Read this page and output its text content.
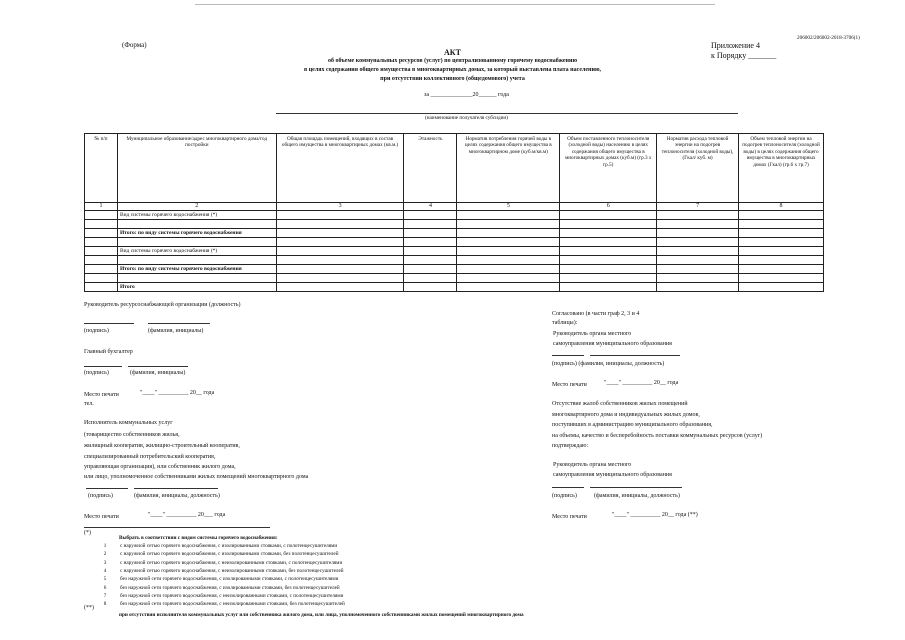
206002/206002-2018-3706(1)
(Форма)	Приложение 4
к Порядку _______
АКТ
об объеме коммунальных ресурсов (услуг) по централизованному горячему водоснабжению
в целях содержания общего имущества в многоквартирных домах, за который выставлена плата населению,
при отсутствии коллективного (общедомового) учета
за ______________20______ года
(наименование получателя субсидии)
№ п/п	Муниципальное образование/адрес многоквартирного дома/год постройки	Общая площадь помещений, входящих в состав общего имущества в многоквартирных домах (кв.м.)	Этажность	Норматив потребления горячей воды в целях содержания общего имущества в многоквартирном доме (куб.м/кв.м)	Объем поставленного теплоносителя (холодной воды) населению в целях содержания общего имущества в многоквартирных домах (куб.м) (гр.3 х гр.5)	Норматив расхода тепловой энергии на подогрев теплоносителя (холодной воды), (Гкал/ куб. м)	Объем тепловой энергии на подогрев теплоносителя (холодной воды) в целях содержания общего имущества в многоквартирных домах (Гкал) (гр.6 х гр.7)
1	2	3	4	5	6	7	8
	Вид системы горячего водоснабжения (*)						

	Итого: по виду системы горячего водоснабжения						

	Вид системы горячего водоснабжения (*)						

	Итого: по виду системы горячего водоснабжения						

	Итого						
Руководитель ресурсоснабжающей организации (должность)
(подпись)	(фамилия, инициалы)
Главный бухгалтер
(подпись)	(фамилия, инициалы)
Место печати	"____" __________ 20__ года
тел.
Исполнитель коммунальных услуг
(товарищество собственников жилья,
жилищный кооператив, жилищно-строительный кооператив,
специализированный потребительский кооператив,
управляющая организация), или собственник жилого дома,
или лицо, уполномоченное собственниками жилых помещений многоквартирного дома
(подпись)	(фамилия, инициалы, должность)
Место печати	"____" __________ 20___ года
Согласовано (в части граф 2, 3 и 4
таблицы):
Руководитель органа местного
самоуправления муниципального образования
(подпись) (фамилия, инициалы, должность)
Место печати	"____" __________ 20__ года
Отсутствие жалоб собственников жилых помещений
многоквартирного дома и индивидуальных жилых домов,
поступивших в администрацию муниципального образования,
на объемы, качество и бесперебойность поставки коммунальных ресурсов (услуг)
подтверждаю:
Руководитель органа местного
самоуправления муниципального образования
(подпись)	(фамилия, инициалы, должность)
Место печати	"____" __________ 20__ года (**)
(*)
Выбрать в соответствии с видом системы горячего водоснабжения:
1	с наружной сетью горячего водоснабжения, с изолированными стояками, с полотенцесушителями
2	с наружной сетью горячего водоснабжения, с изолированными стояками, без полотенцесушителей
3	с наружной сетью горячего водоснабжения, с неизолированными стояками, с полотенцесушителями
4	с наружной сетью горячего водоснабжения, с неизолированными стояками, без полотенцесушителей
5	без наружной сети горячего водоснабжения, с изолированными стояками, с полотенцесушителями
6	без наружной сети горячего водоснабжения, с изолированными стояками, без полотенцесушителей
7	без наружной сети горячего водоснабжения, с неизолированными стояками, с полотенцесушителями
8	без наружной сети горячего водоснабжения, с неизолированными стояками, без полотенцесушителей
(**)
при отсутствии исполнителя коммунальных услуг или собственника жилого дома, или лица, уполномоченного собственниками жилых помещений многоквартирного дома
